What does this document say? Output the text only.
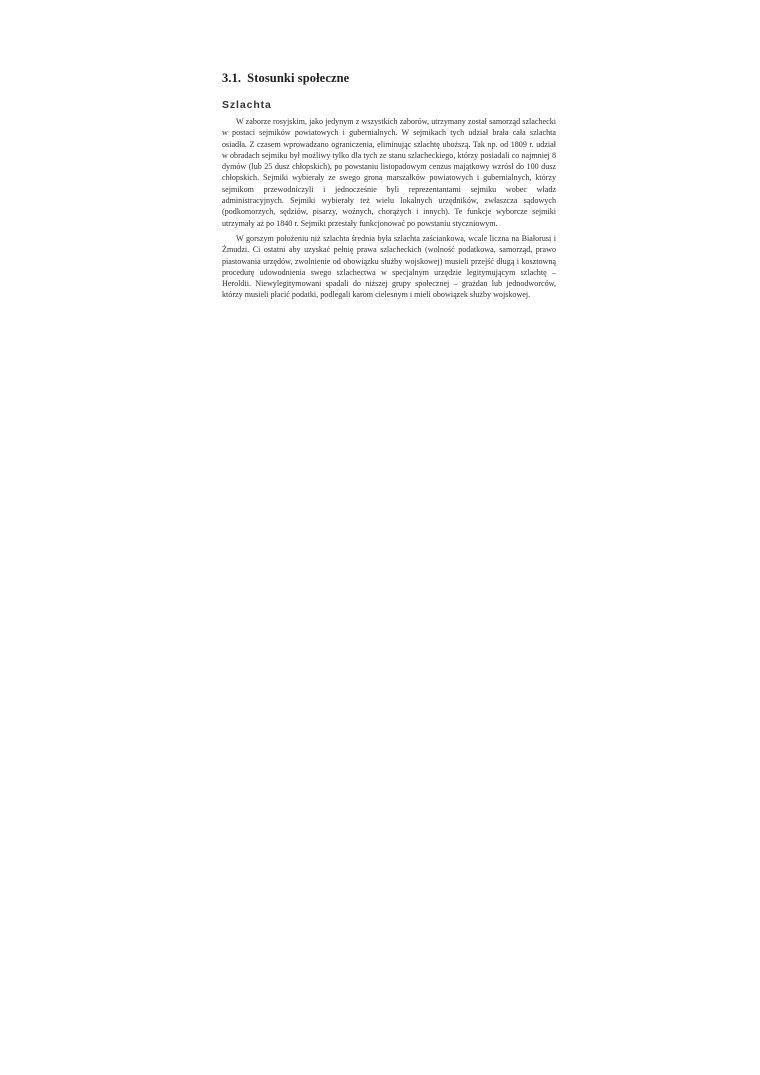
3.1. Stosunki społeczne
Szlachta

W zaborze rosyjskim, jako jedynym z wszystkich zaborów, utrzymany został samorząd szlachecki w postaci sejmików powiatowych i gubernialnych. W sejmikach tych udział brała cała szlachta osiadła. Z czasem wprowadzano ograniczenia, eliminując szlachtę uboższą. Tak np. od 1809 r. udział w obradach sejmiku był możliwy tylko dla tych ze stanu szlacheckiego, którzy posiadali co najmniej 8 dymów (lub 25 dusz chłopskich), po powstaniu listopadowym cenzus majątkowy wzrósł do 100 dusz chłopskich. Sejmiki wybierały ze swego grona marszałków powiatowych i gubernialnych, którzy sejmikom przewodniczyli i jednocześnie byli reprezentantami sejmiku wobec władz administracyjnych. Sejmiki wybierały też wielu lokalnych urzędników, zwłaszcza sądowych (podkomorzych, sędziów, pisarzy, woźnych, chorążych i innych). Te funkcje wyborcze sejmiki utrzymały aż po 1840 r. Sejmiki przestały funkcjonować po powstaniu styczniowym.

W gorszym położeniu niż szlachta średnia była szlachta zaściankowa, wcale liczna na Białorusi i Żmudzi. Ci ostatni aby uzyskać pełnię prawa szlacheckich (wolność podatkowa, samorząd, prawo piastowania urzędów, zwolnienie od obowiązku służby wojskowej) musieli przejść długą i kosztowną procedurę udowodnienia swego szlachectwa w specjalnym urzędzie legitymującym szlachtę – Heroldii. Niewylegitymowani spadali do niższej grupy społecznej – grażdan lub jednodworców, którzy musieli płacić podatki, podlegali karom cielesnym i mieli obowiązek służby wojskowej.
